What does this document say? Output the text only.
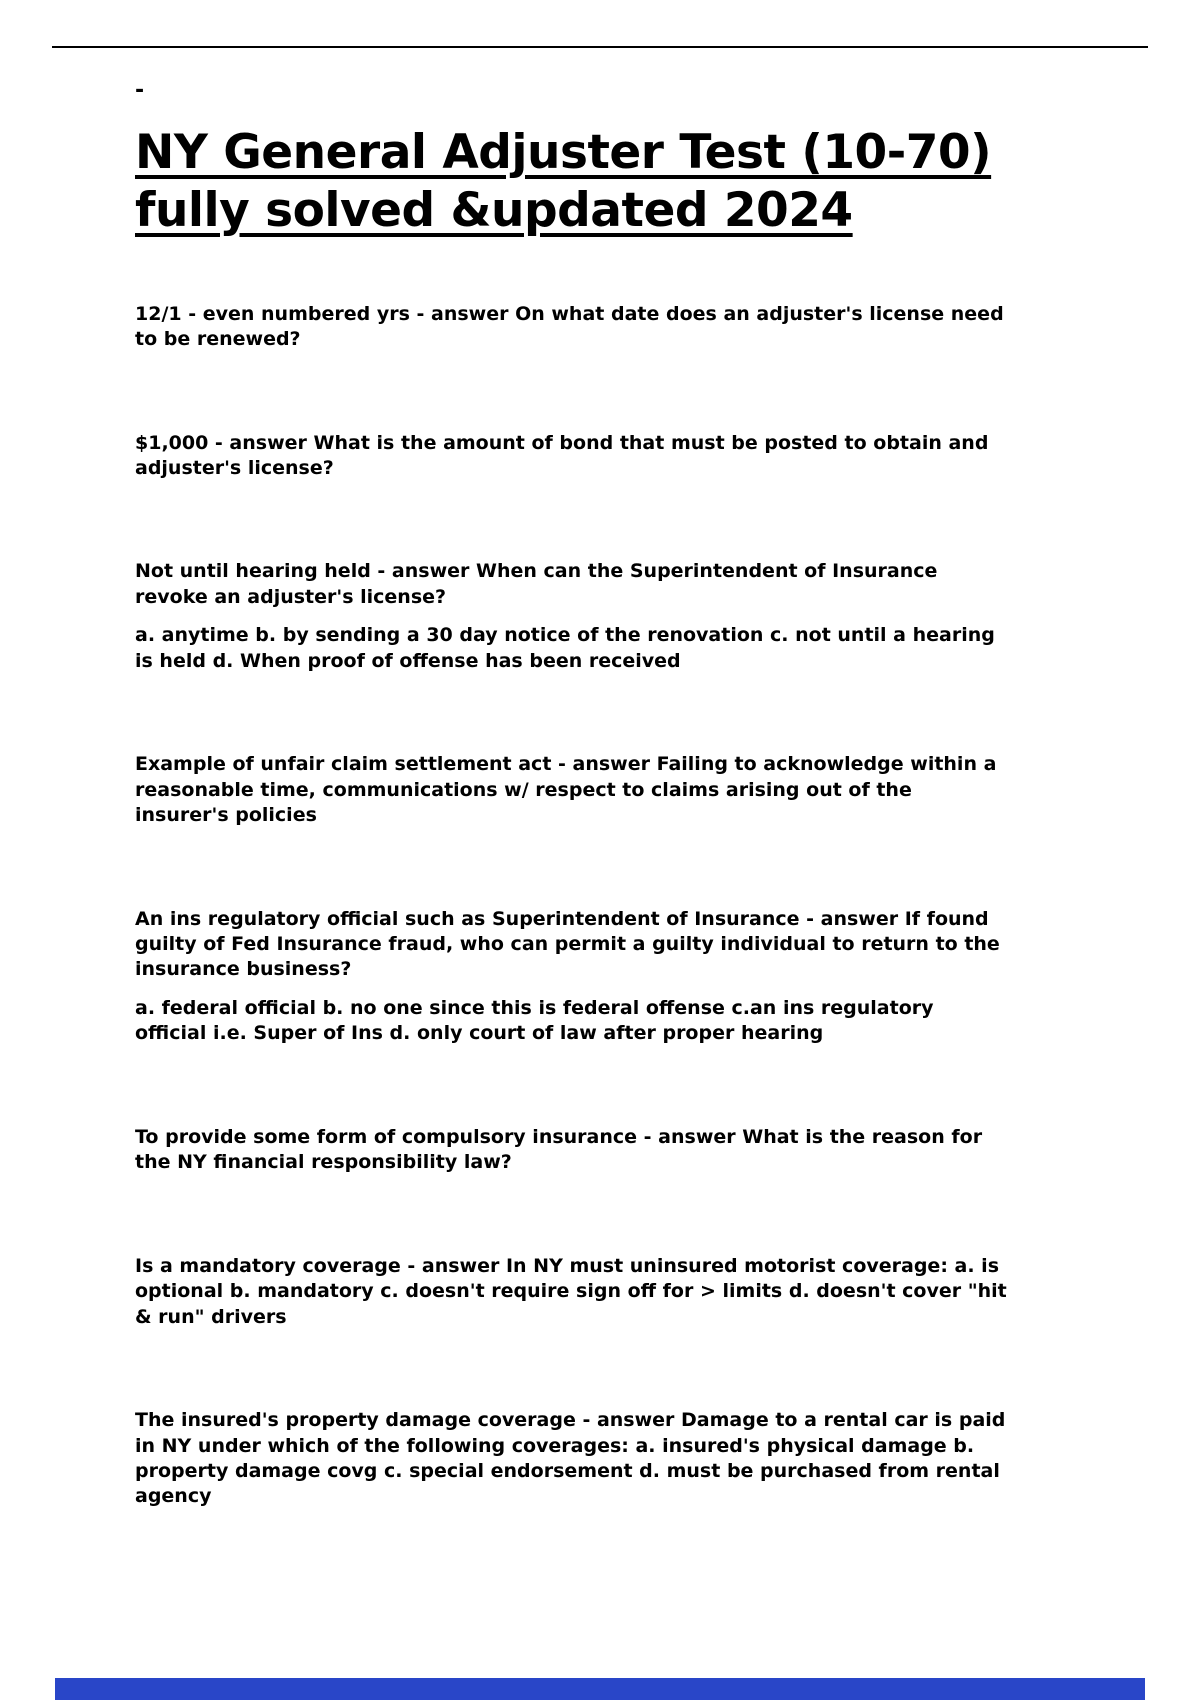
-
NY General Adjuster Test (10-70) fully solved &updated 2024

12/1 - even numbered yrs - answer On what date does an adjuster's license need to be renewed?

$1,000 - answer What is the amount of bond that must be posted to obtain and adjuster's license?

Not until hearing held - answer When can the Superintendent of Insurance revoke an adjuster's license?

a. anytime b. by sending a 30 day notice of the renovation c. not until a hearing is held d. When proof of offense has been received

Example of unfair claim settlement act - answer Failing to acknowledge within a reasonable time, communications w/ respect to claims arising out of the insurer's policies

An ins regulatory official such as Superintendent of Insurance - answer If found guilty of Fed Insurance fraud, who can permit a guilty individual to return to the insurance business?

a. federal official b. no one since this is federal offense c.an ins regulatory official i.e. Super of Ins d. only court of law after proper hearing

To provide some form of compulsory insurance - answer What is the reason for the NY financial responsibility law?

Is a mandatory coverage - answer In NY must uninsured motorist coverage: a. is optional b. mandatory c. doesn't require sign off for > limits d. doesn't cover "hit & run" drivers

The insured's property damage coverage - answer Damage to a rental car is paid in NY under which of the following coverages: a. insured's physical damage b. property damage covg c. special endorsement d. must be purchased from rental agency
